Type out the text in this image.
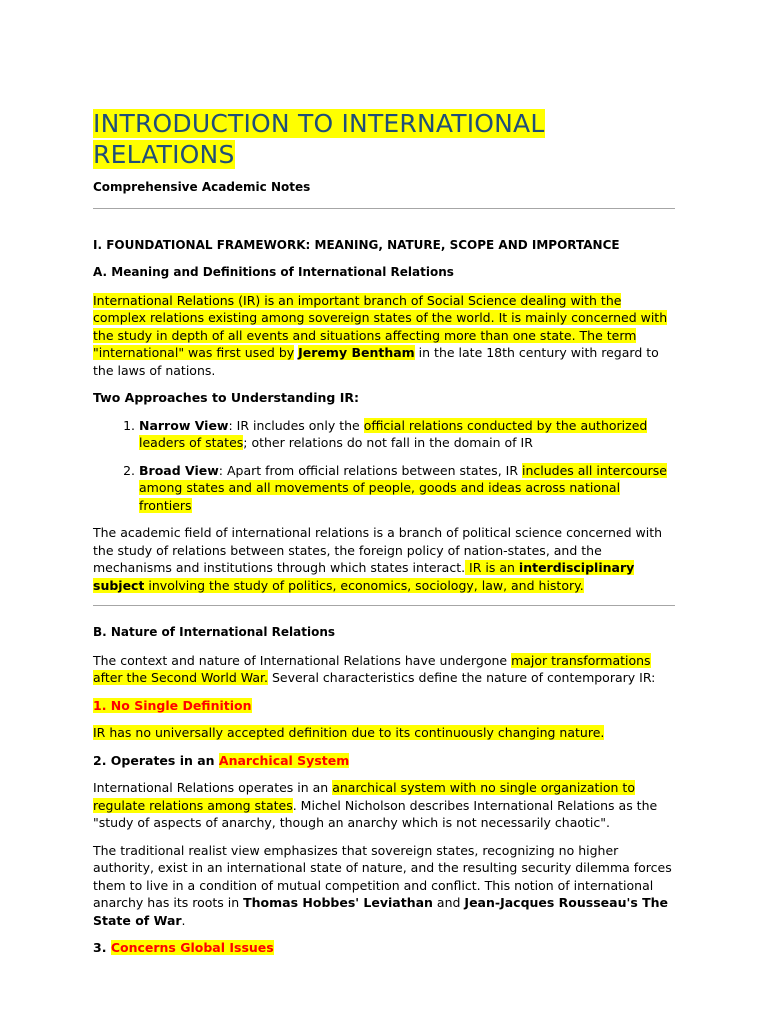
INTRODUCTION TO INTERNATIONAL RELATIONS
Comprehensive Academic Notes
I. FOUNDATIONAL FRAMEWORK: MEANING, NATURE, SCOPE AND IMPORTANCE
A. Meaning and Definitions of International Relations

International Relations (IR) is an important branch of Social Science dealing with the complex relations existing among sovereign states of the world. It is mainly concerned with the study in depth of all events and situations affecting more than one state. The term "international" was first used by Jeremy Bentham in the late 18th century with regard to the laws of nations.

Two Approaches to Understanding IR:

1. Narrow View: IR includes only the official relations conducted by the authorized leaders of states; other relations do not fall in the domain of IR
2. Broad View: Apart from official relations between states, IR includes all intercourse among states and all movements of people, goods and ideas across national frontiers

The academic field of international relations is a branch of political science concerned with the study of relations between states, the foreign policy of nation-states, and the mechanisms and institutions through which states interact. IR is an interdisciplinary subject involving the study of politics, economics, sociology, law, and history.

B. Nature of International Relations

The context and nature of International Relations have undergone major transformations after the Second World War. Several characteristics define the nature of contemporary IR:

1. No Single Definition

IR has no universally accepted definition due to its continuously changing nature.

2. Operates in an Anarchical System

International Relations operates in an anarchical system with no single organization to regulate relations among states. Michel Nicholson describes International Relations as the "study of aspects of anarchy, though an anarchy which is not necessarily chaotic".

The traditional realist view emphasizes that sovereign states, recognizing no higher authority, exist in an international state of nature, and the resulting security dilemma forces them to live in a condition of mutual competition and conflict. This notion of international anarchy has its roots in Thomas Hobbes' Leviathan and Jean-Jacques Rousseau's The State of War.

3. Concerns Global Issues
